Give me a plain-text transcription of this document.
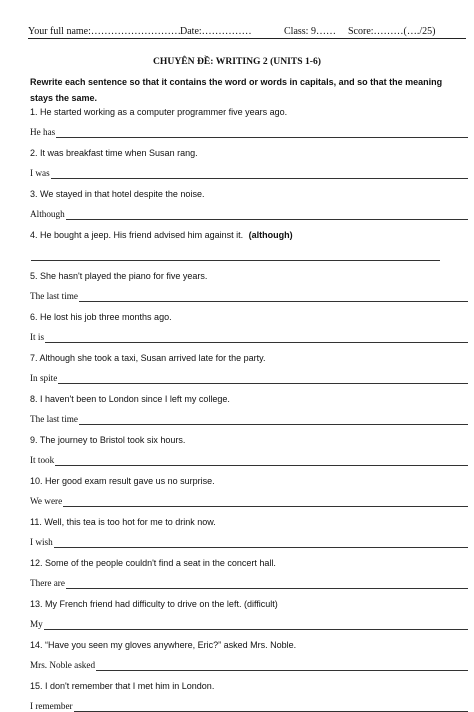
Your full name:……………………… Date:……………	Class: 9……	Score:………(…./25)
CHUYÊN ĐỀ: WRITING 2 (UNITS 1-6)
Rewrite each sentence so that it contains the word or words in capitals, and so that the meaning stays the same.
1. He started working as a computer programmer five years ago.
He has
2. It was breakfast time when Susan rang.
I was
3. We stayed in that hotel despite the noise.
Although
4. He bought a jeep. His friend advised him against it. (although)
5. She hasn't played the piano for five years.
The last time
6. He lost his job three months ago.
It is
7. Although she took a taxi, Susan arrived late for the party.
In spite
8. I haven't been to London since I left my college.
The last time
9. The journey to Bristol took six hours.
It took
10. Her good exam result gave us no surprise.
We were
11. Well, this tea is too hot for me to drink now.
I wish
12. Some of the people couldn't find a seat in the concert hall.
There are
13. My French friend had difficulty to drive on the left. (difficult)
My
14. “Have you seen my gloves anywhere, Eric?” asked Mrs. Noble.
Mrs. Noble asked
15. I don't remember that I met him in London.
I remember
